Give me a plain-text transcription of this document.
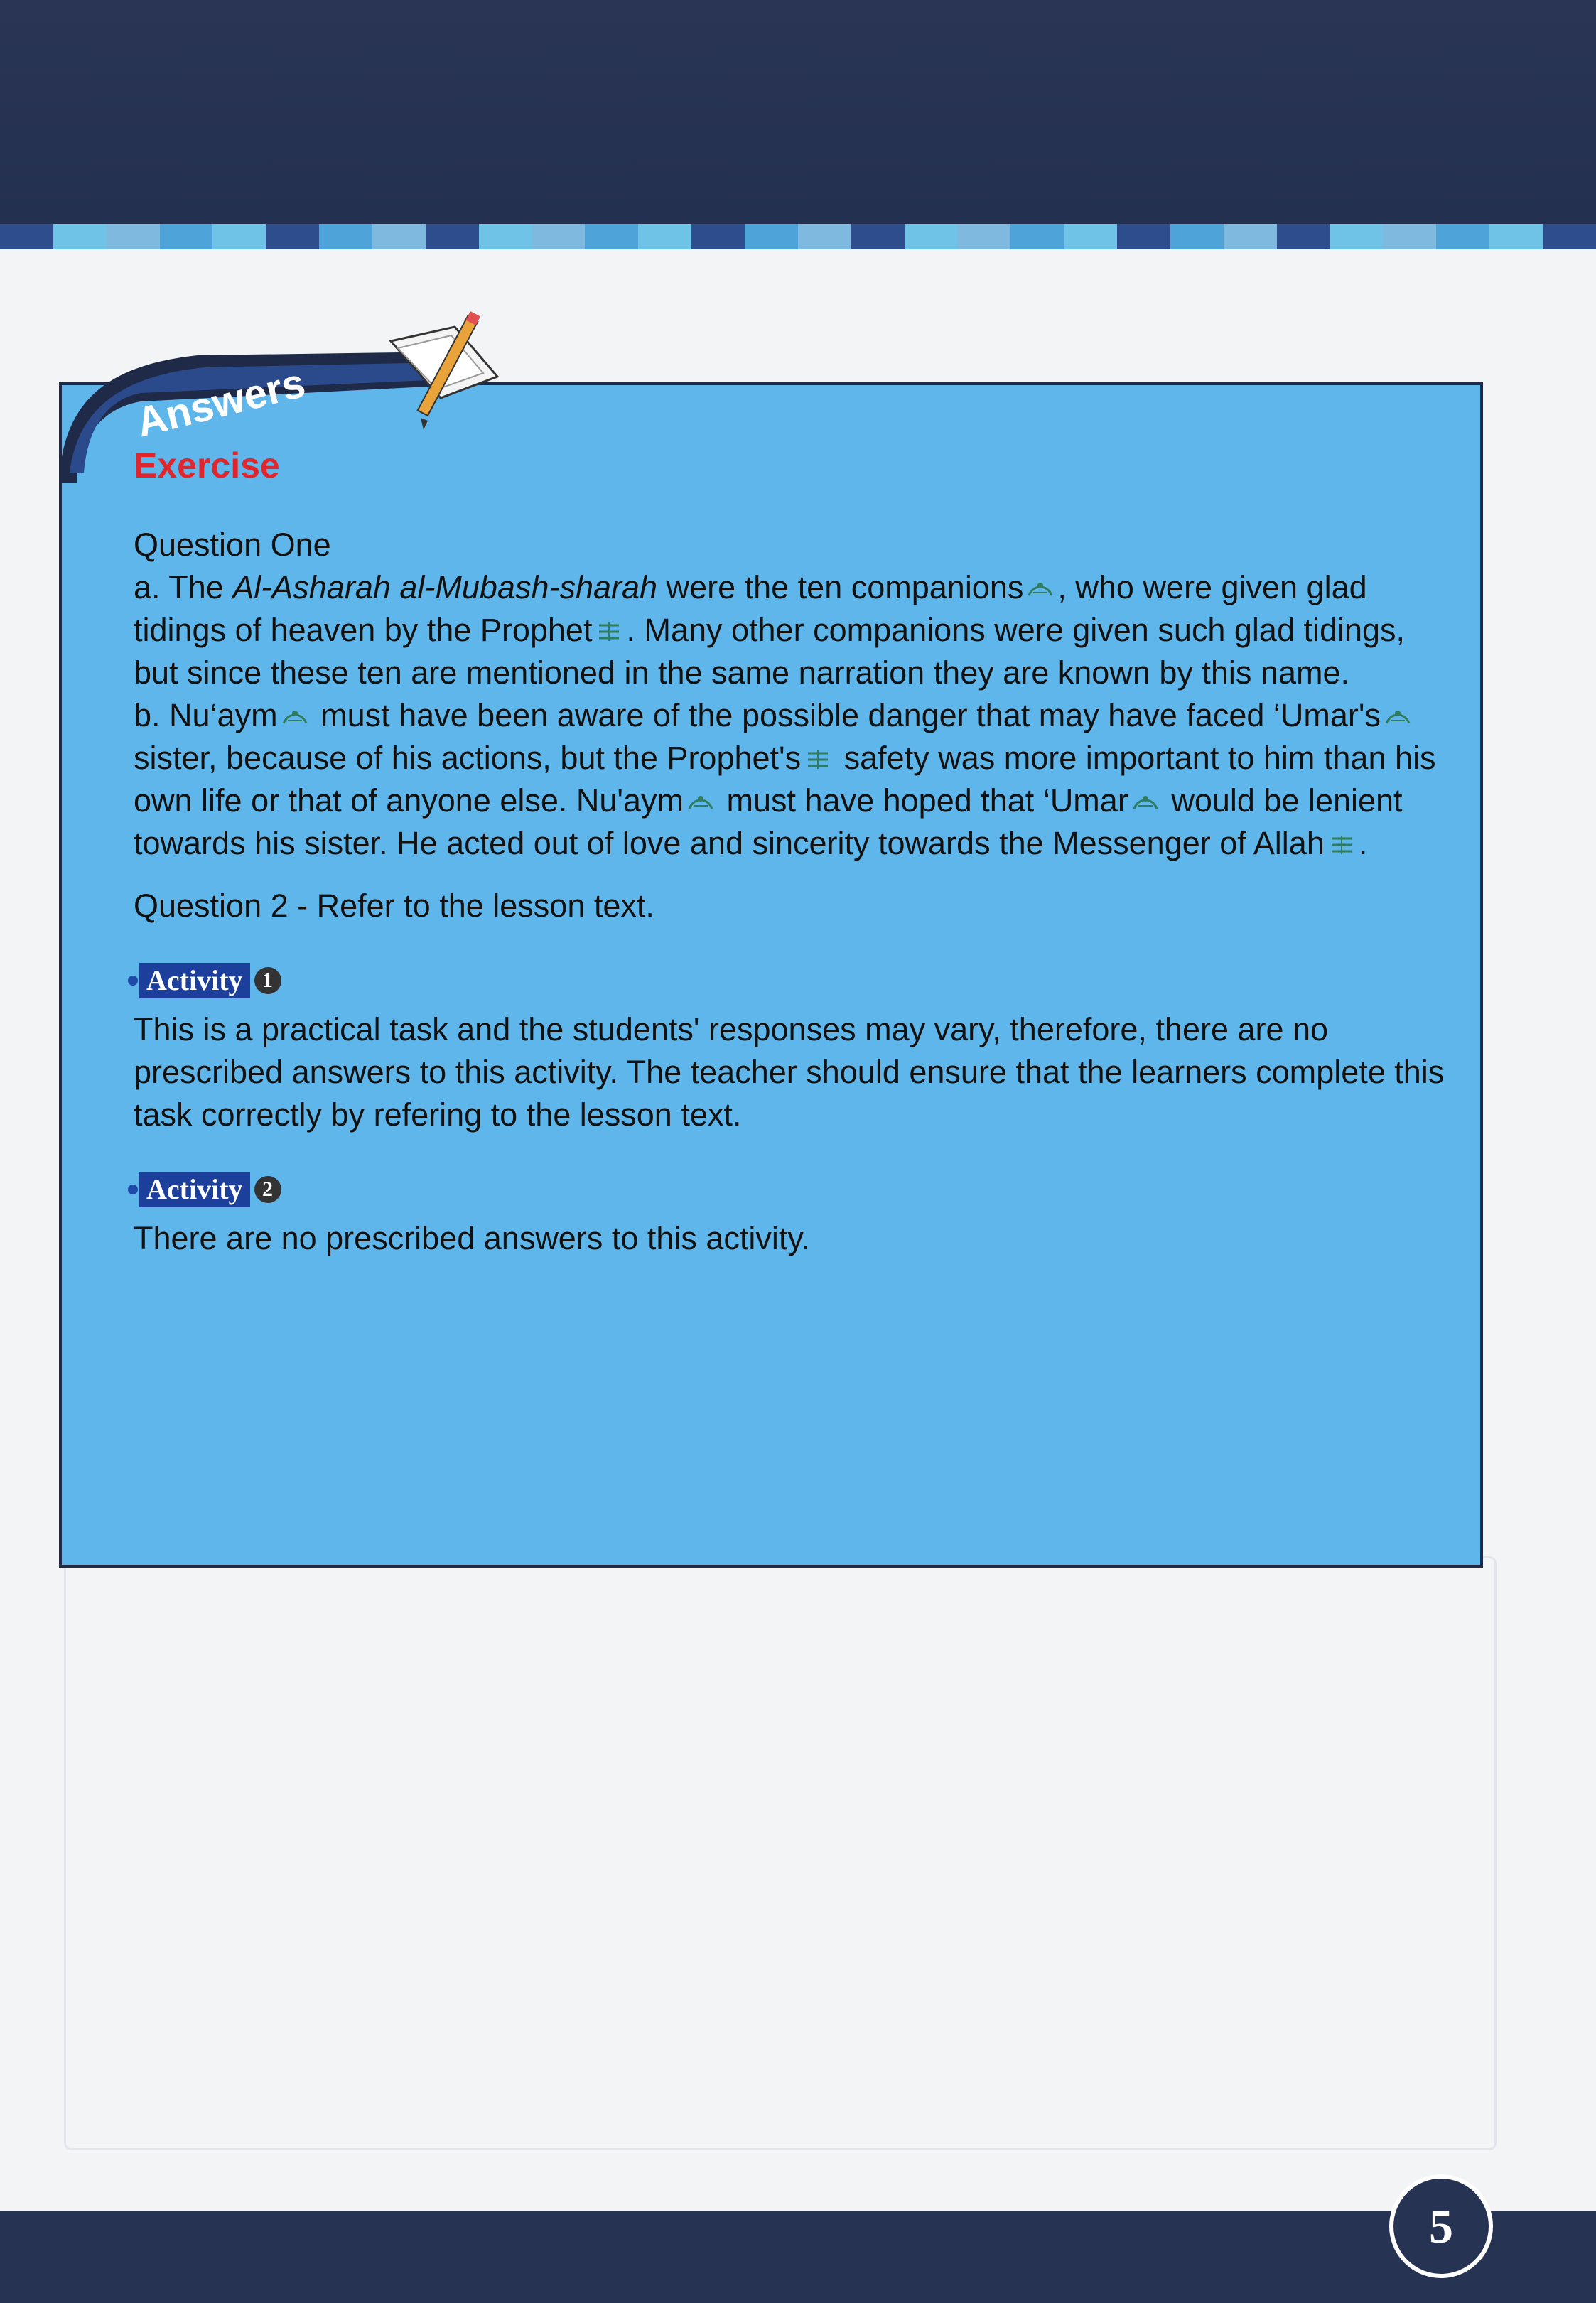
Answers
Exercise

Question One

a. The Al-Asharah al-Mubash-sharah were the ten companions , who were given glad tidings of heaven by the Prophet . Many other companions were given such glad tidings, but since these ten are mentioned in the same narration they are known by this name.

b. Nu‘aym must have been aware of the possible danger that may have faced ‘Umar's sister, because of his actions, but the Prophet's safety was more important to him than his own life or that of anyone else. Nu'aym must have hoped that ‘Umar would be lenient towards his sister. He acted out of love and sincerity towards the Messenger of Allah .

Question 2 - Refer to the lesson text.

Activity 1

This is a practical task and the students' responses may vary, therefore, there are no prescribed answers to this activity. The teacher should ensure that the learners complete this task correctly by refering to the lesson text.

Activity 2

There are no prescribed answers to this activity.

5
